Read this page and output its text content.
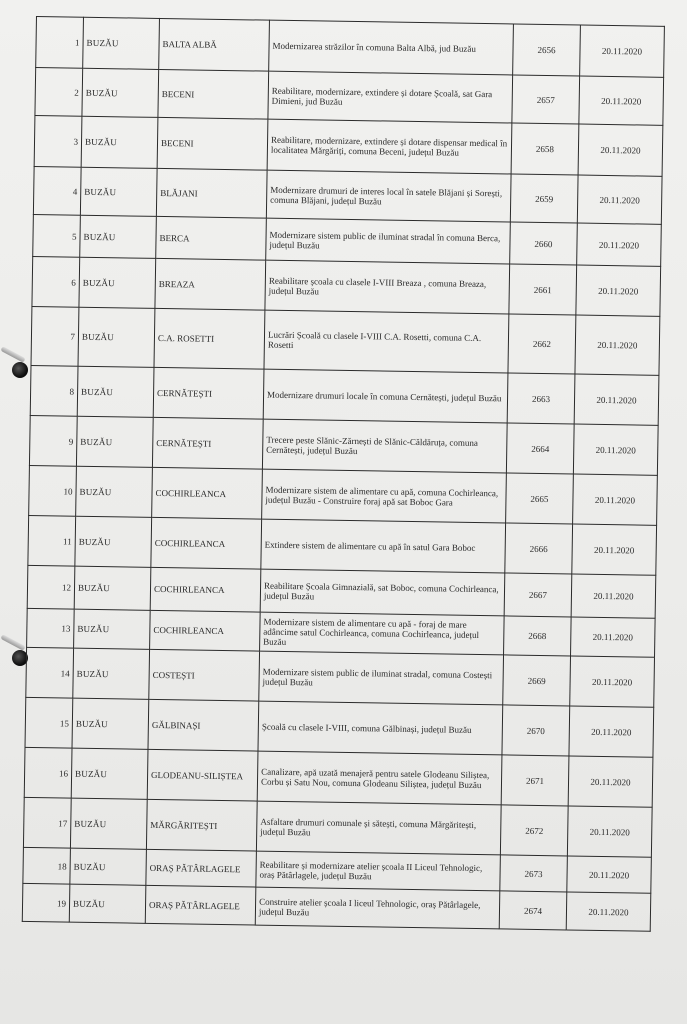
1	BUZĂU	BALTA ALBĂ	Modernizarea străzilor în comuna Balta Albă, jud Buzău	2656	20.11.2020
2	BUZĂU	BECENI	Reabilitare, modernizare, extindere și dotare Școală, sat Gara Dimieni, jud Buzău	2657	20.11.2020
3	BUZĂU	BECENI	Reabilitare, modernizare, extindere și dotare dispensar medical în localitatea Mărgăriți, comuna Beceni, județul Buzău	2658	20.11.2020
4	BUZĂU	BLĂJANI	Modernizare drumuri de interes local în satele Blăjani și Sorești, comuna Blăjani, județul Buzău	2659	20.11.2020
5	BUZĂU	BERCA	Modernizare sistem public de iluminat stradal în comuna Berca, județul Buzău	2660	20.11.2020
6	BUZĂU	BREAZA	Reabilitare școala cu clasele I-VIII Breaza , comuna Breaza, județul Buzău	2661	20.11.2020
7	BUZĂU	C.A. ROSETTI	Lucrări Școală cu clasele I-VIII C.A. Rosetti, comuna C.A. Rosetti	2662	20.11.2020
8	BUZĂU	CERNĂTEȘTI	Modernizare drumuri locale în comuna Cernătești, județul Buzău	2663	20.11.2020
9	BUZĂU	CERNĂTEȘTI	Trecere peste Slănic-Zărnești de Slănic-Căldăruța, comuna Cernătești, județul Buzău	2664	20.11.2020
10	BUZĂU	COCHIRLEANCA	Modernizare sistem de alimentare cu apă, comuna Cochirleanca, județul Buzău - Construire foraj apă sat Boboc Gara	2665	20.11.2020
11	BUZĂU	COCHIRLEANCA	Extindere sistem de alimentare cu apă în satul Gara Boboc	2666	20.11.2020
12	BUZĂU	COCHIRLEANCA	Reabilitare Școala Gimnazială, sat Boboc, comuna Cochirleanca, județul Buzău	2667	20.11.2020
13	BUZĂU	COCHIRLEANCA	Modernizare sistem de alimentare cu apă - foraj de mare adâncime satul Cochirleanca, comuna Cochirleanca, județul Buzău	2668	20.11.2020
14	BUZĂU	COSTEȘTI	Modernizare sistem public de iluminat stradal, comuna Costești județul Buzău	2669	20.11.2020
15	BUZĂU	GĂLBINAȘI	Școală cu clasele I-VIII, comuna Gălbinași, județul Buzău	2670	20.11.2020
16	BUZĂU	GLODEANU-SILIȘTEA	Canalizare, apă uzată menajeră pentru satele Glodeanu Siliștea, Corbu și Satu Nou, comuna Glodeanu Siliștea, județul Buzău	2671	20.11.2020
17	BUZĂU	MĂRGĂRITEȘTI	Asfaltare drumuri comunale și sătești, comuna Mărgăritești, județul Buzău	2672	20.11.2020
18	BUZĂU	ORAȘ PĂTÂRLAGELE	Reabilitare și modernizare atelier școala II Liceul Tehnologic, oraș Pătârlagele, județul Buzău	2673	20.11.2020
19	BUZĂU	ORAȘ PĂTÂRLAGELE	Construire atelier școala I liceul Tehnologic, oraș Pătârlagele, județul Buzău	2674	20.11.2020
